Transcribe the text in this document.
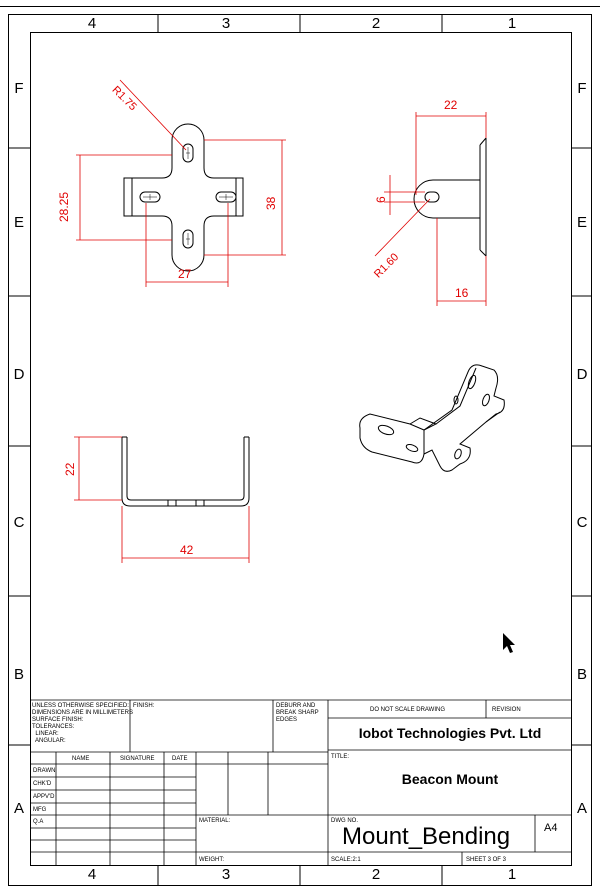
4	3	2	1
4	3	2	1
F
E
D
C
B
A
F
E
D
C
B
A
R1.75
28.25	38
27
22
6
R1.60
16
22
42
UNLESS OTHERWISE SPECIFIED:
DIMENSIONS ARE IN MILLIMETERS
SURFACE FINISH:
TOLERANCES:
LINEAR:
ANGULAR:
FINISH:	DEBURR AND
BREAK SHARP
EDGES
DO NOT SCALE DRAWING	REVISION
Iobot Technologies Pvt. Ltd
TITLE:
Beacon Mount
NAME	SIGNATURE	DATE
DRAWN
CHK'D
APPV'D
MFG
Q.A	MATERIAL:
WEIGHT:
DWG NO.
Mount_Bending	A4
SCALE:2:1	SHEET 3 OF 3
